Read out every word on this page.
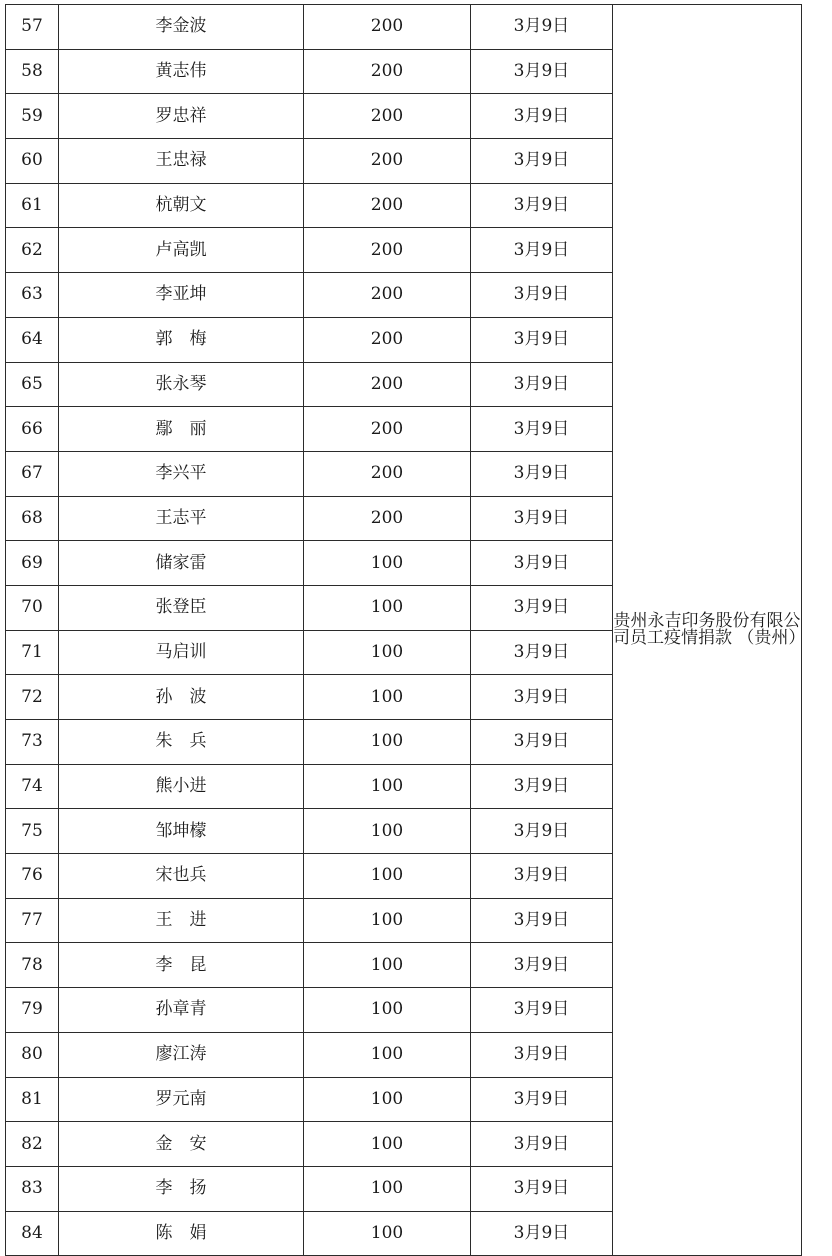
57	李金波	200	3月9日	贵州永吉印务股份有限公司员工疫情捐款 （贵州）
58	黄志伟	200	3月9日	
59	罗忠祥	200	3月9日	
60	王忠禄	200	3月9日	
61	杭朝文	200	3月9日	
62	卢高凯	200	3月9日	
63	李亚坤	200	3月9日	
64	郭　梅	200	3月9日	
65	张永琴	200	3月9日	
66	鄢　丽	200	3月9日	
67	李兴平	200	3月9日	
68	王志平	200	3月9日	
69	储家雷	100	3月9日	
70	张登臣	100	3月9日	
71	马启训	100	3月9日	
72	孙　波	100	3月9日	
73	朱　兵	100	3月9日	
74	熊小进	100	3月9日	
75	邹坤檬	100	3月9日	
76	宋也兵	100	3月9日	
77	王　进	100	3月9日	
78	李　昆	100	3月9日	
79	孙章青	100	3月9日	
80	廖江涛	100	3月9日	
81	罗元南	100	3月9日	
82	金　安	100	3月9日	
83	李　扬	100	3月9日	
84	陈　娟	100	3月9日	
